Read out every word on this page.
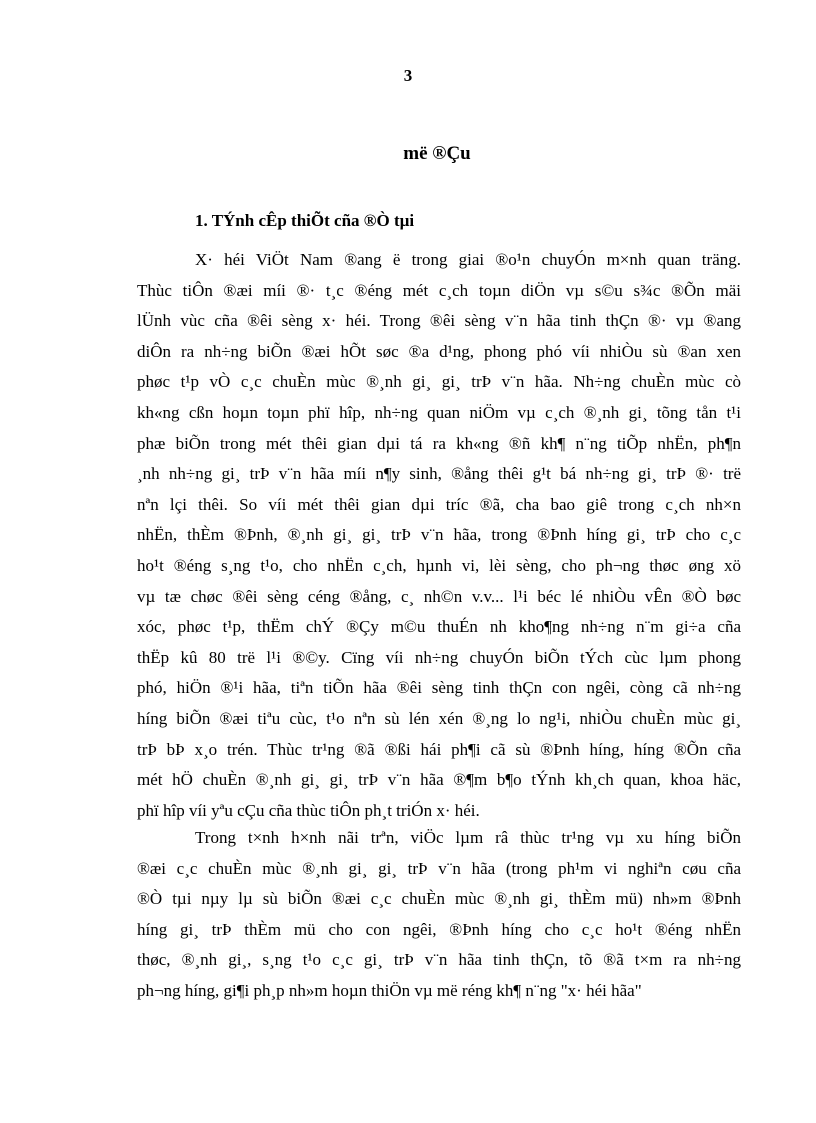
3
më ®Çu
1. TÝnh cÊp thiÕt cña ®Ò tµi
X· héi ViÖt Nam ®ang ë trong giai ®o¹n chuyÓn m×nh quan träng.
Thùc tiÔn ®æi míi ®· t¸c ®éng mét c¸ch toµn diÖn vµ s©u s¾c ®Õn mäi
lÜnh vùc cña ®êi sèng x· héi. Trong ®êi sèng v¨n hãa tinh thÇn ®· vµ ®ang
diÔn ra nh÷ng biÕn ®æi hÕt søc ®a d¹ng, phong phó víi nhiÒu sù ®an xen
phøc t¹p vÒ c¸c chuÈn mùc ®¸nh gi¸ gi¸ trÞ v¨n hãa. Nh÷ng chuÈn mùc cò
kh«ng cßn hoµn toµn phï hîp, nh÷ng quan niÖm vµ c¸ch ®¸nh gi¸ tõng tån t¹i
phæ biÕn trong mét thêi gian dµi tá ra kh«ng ®ñ kh¶ n¨ng tiÕp nhËn, ph¶n
¸nh nh÷ng gi¸ trÞ v¨n hãa míi n¶y sinh, ®ång thêi g¹t bá nh÷ng gi¸ trÞ ®· trë
nªn lçi thêi. So víi mét thêi gian dµi tríc ®ã, cha bao giê trong c¸ch nh×n
nhËn, thÈm ®Þnh, ®¸nh gi¸ gi¸ trÞ v¨n hãa, trong ®Þnh híng gi¸ trÞ cho c¸c
ho¹t ®éng s¸ng t¹o, cho nhËn c¸ch, hµnh vi, lèi sèng, cho ph¬ng thøc øng xö
vµ tæ chøc ®êi sèng céng ®ång, c¸ nh©n v.v... l¹i béc lé nhiÒu vÊn ®Ò bøc
xóc, phøc t¹p, thËm chÝ ®Çy m©u thuÉn nh kho¶ng nh÷ng n¨m gi÷a cña
thËp kû 80 trë l¹i ®©y. Cïng víi nh÷ng chuyÓn biÕn tÝch cùc lµm phong
phó, hiÖn ®¹i hãa, tiªn tiÕn hãa ®êi sèng tinh thÇn con ngêi, còng cã nh÷ng
híng biÕn ®æi tiªu cùc, t¹o nªn sù lén xén ®¸ng lo ng¹i, nhiÒu chuÈn mùc gi¸
trÞ bÞ x¸o trén. Thùc tr¹ng ®ã ®ßi hái ph¶i cã sù ®Þnh híng, híng ®Õn cña
mét hÖ chuÈn ®¸nh gi¸ gi¸ trÞ v¨n hãa ®¶m b¶o tÝnh kh¸ch quan, khoa häc,
phï hîp víi yªu cÇu cña thùc tiÔn ph¸t triÓn x· héi.
Trong t×nh h×nh nãi trªn, viÖc lµm râ thùc tr¹ng vµ xu híng biÕn
®æi c¸c chuÈn mùc ®¸nh gi¸ gi¸ trÞ v¨n hãa (trong ph¹m vi nghiªn cøu cña
®Ò tµi nµy lµ sù biÕn ®æi c¸c chuÈn mùc ®¸nh gi¸ thÈm mü) nh»m ®Þnh
híng gi¸ trÞ thÈm mü cho con ngêi, ®Þnh híng cho c¸c ho¹t ®éng nhËn
thøc, ®¸nh gi¸, s¸ng t¹o c¸c gi¸ trÞ v¨n hãa tinh thÇn, tõ ®ã t×m ra nh÷ng
ph¬ng híng, gi¶i ph¸p nh»m hoµn thiÖn vµ më réng kh¶ n¨ng "x· héi hãa"
